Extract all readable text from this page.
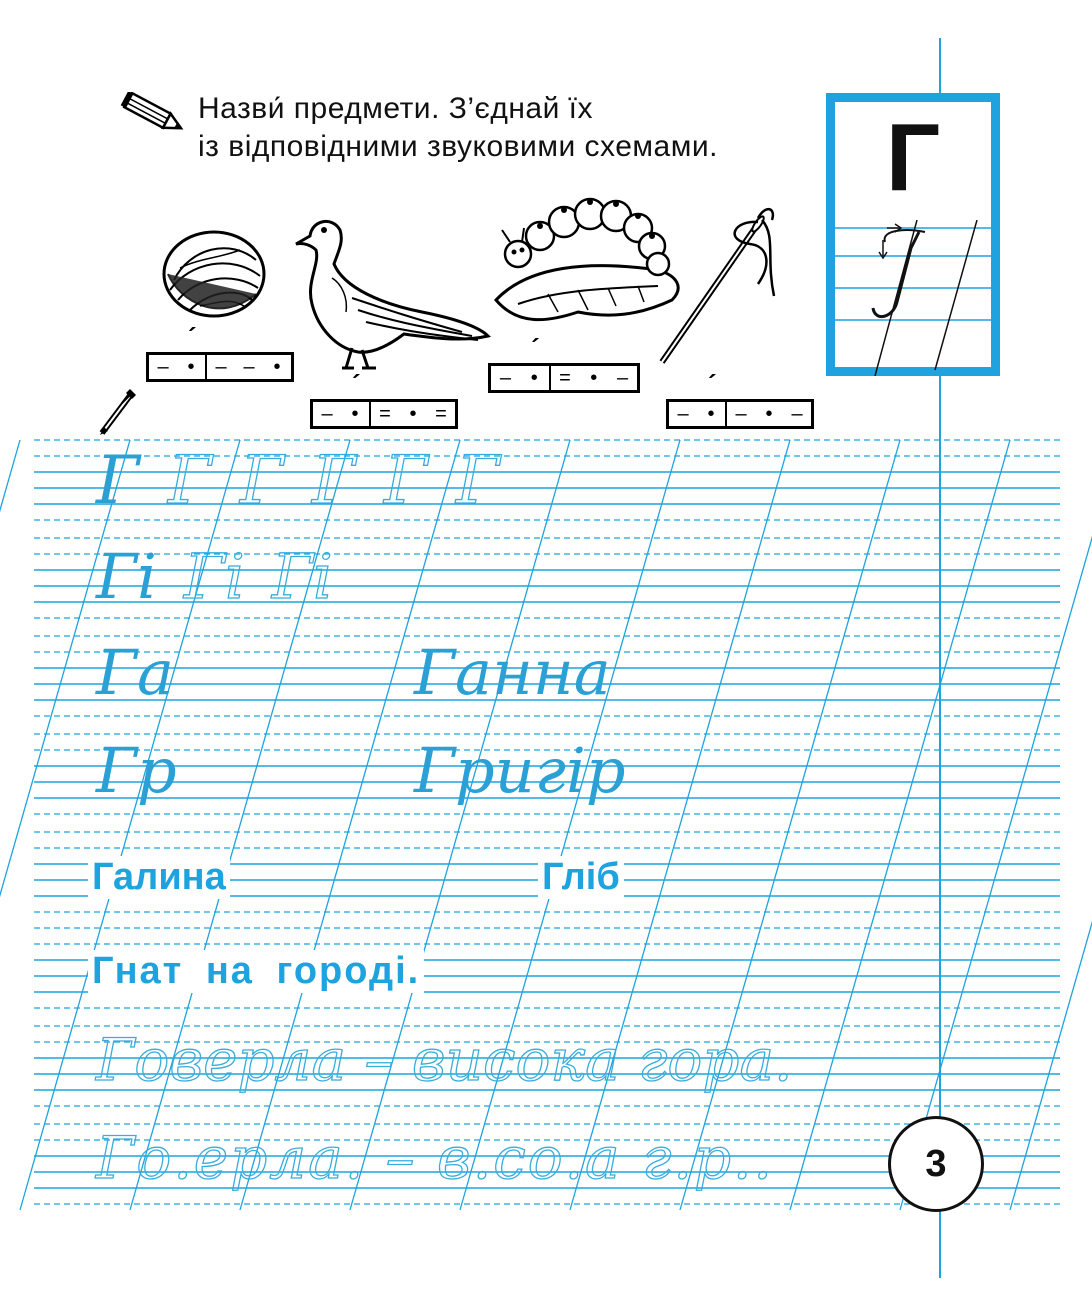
Назви́ предмети. З’єднай їх
із відповідними звуковими схемами.
– ´ •	– – •
– ´ •	= • =
– ´ •	= • –
– ´ •	– • –
Г
Г Г Г Г Г Г
Гі Гі Гі
Га	Ганна
Гр	Григір
Галина	Гліб
Гнат на городі.
Говерла – висока гора.
Го.ерла. – в.со.а г.р..	3
